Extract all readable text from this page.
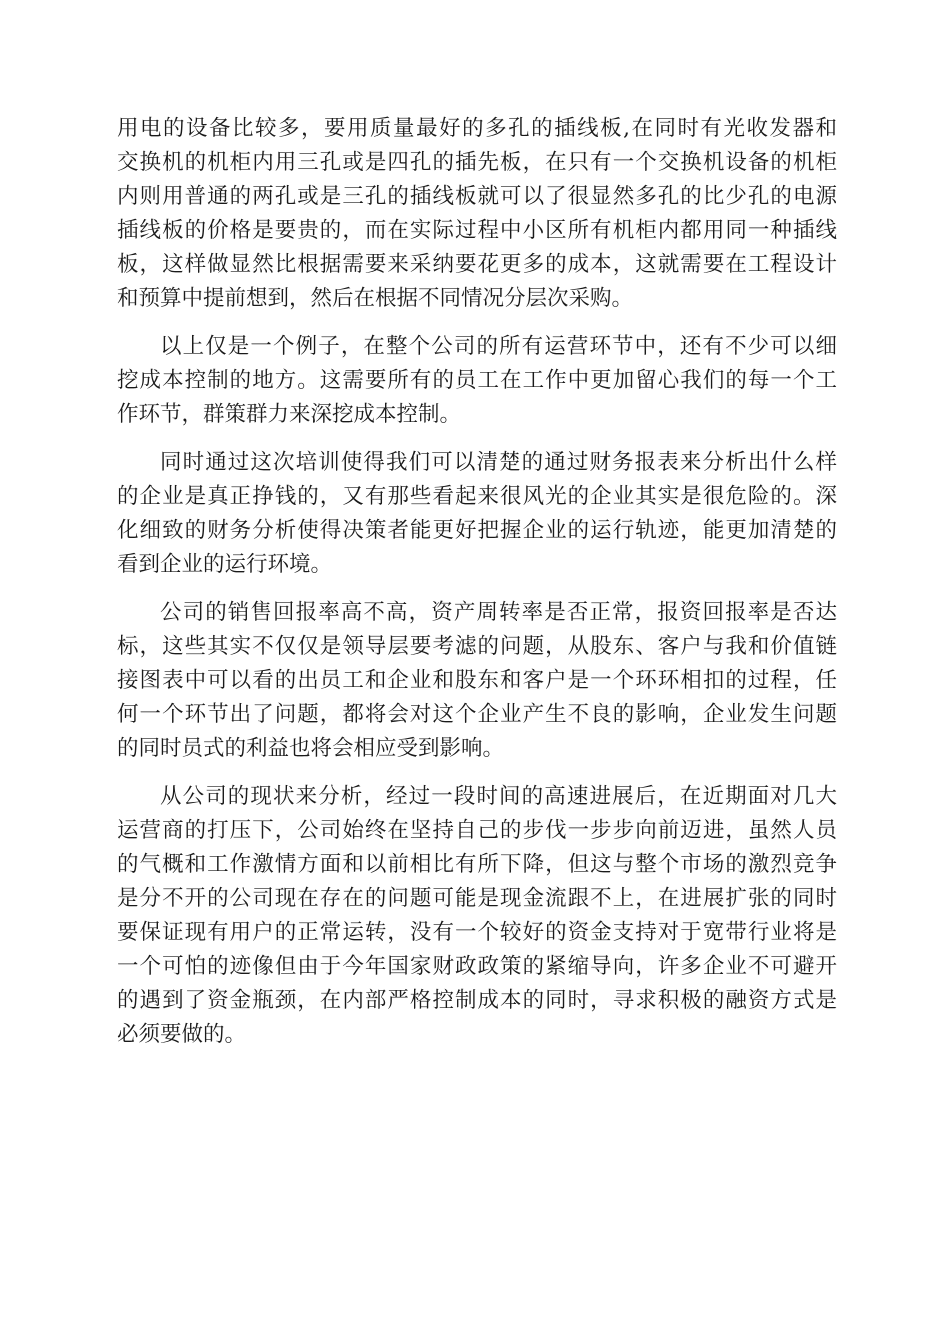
用电的设备比较多，要用质量最好的多孔的插线板,在同时有光收发器和
交换机的机柜内用三孔或是四孔的插先板，在只有一个交换机设备的机柜
内则用普通的两孔或是三孔的插线板就可以了很显然多孔的比少孔的电源
插线板的价格是要贵的，而在实际过程中小区所有机柜内都用同一种插线
板，这样做显然比根据需要来采纳要花更多的成本，这就需要在工程设计
和预算中提前想到，然后在根据不同情况分层次采购。
以上仅是一个例子，在整个公司的所有运营环节中，还有不少可以细
挖成本控制的地方。这需要所有的员工在工作中更加留心我们的每一个工
作环节，群策群力来深挖成本控制。
同时通过这次培训使得我们可以清楚的通过财务报表来分析出什么样
的企业是真正挣钱的，又有那些看起来很风光的企业其实是很危险的。深
化细致的财务分析使得决策者能更好把握企业的运行轨迹，能更加清楚的
看到企业的运行环境。
公司的销售回报率高不高，资产周转率是否正常，报资回报率是否达
标，这些其实不仅仅是领导层要考滤的问题，从股东、客户与我和价值链
接图表中可以看的出员工和企业和股东和客户是一个环环相扣的过程，任
何一个环节出了问题，都将会对这个企业产生不良的影响，企业发生问题
的同时员式的利益也将会相应受到影响。
从公司的现状来分析，经过一段时间的高速进展后，在近期面对几大
运营商的打压下，公司始终在坚持自己的步伐一步步向前迈进，虽然人员
的气概和工作激情方面和以前相比有所下降，但这与整个市场的激烈竞争
是分不开的公司现在存在的问题可能是现金流跟不上，在进展扩张的同时
要保证现有用户的正常运转，没有一个较好的资金支持对于宽带行业将是
一个可怕的迹像但由于今年国家财政政策的紧缩导向，许多企业不可避开
的遇到了资金瓶颈，在内部严格控制成本的同时，寻求积极的融资方式是
必须要做的。
